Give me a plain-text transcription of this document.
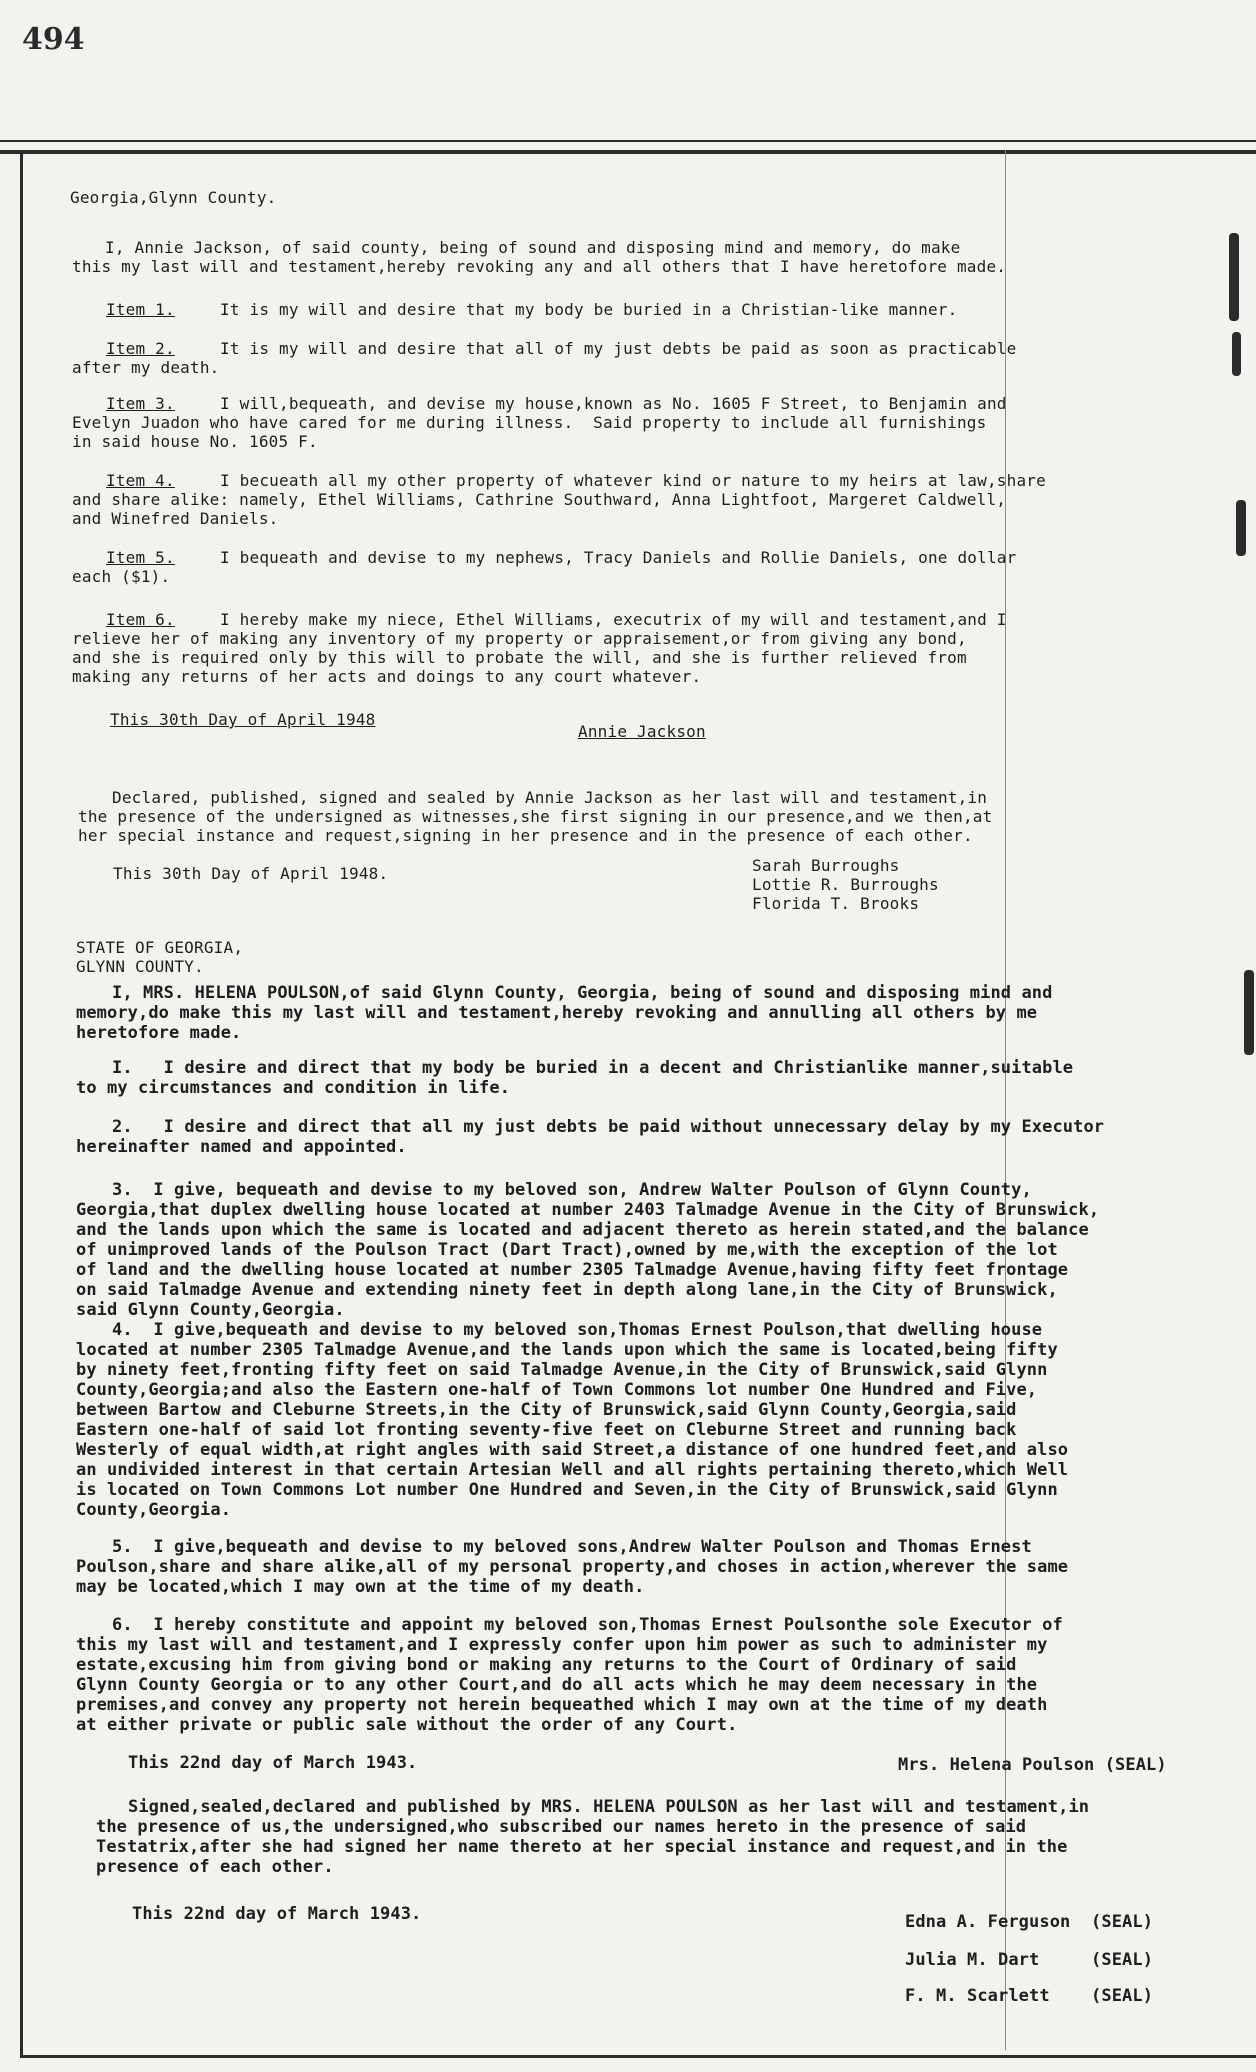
494
Georgia,Glynn County.
I, Annie Jackson, of said county, being of sound and disposing mind and memory, do make
this my last will and testament,hereby revoking any and all others that I have heretofore made.
Item 1.	It is my will and desire that my body be buried in a Christian-like manner.
Item 2.	It is my will and desire that all of my just debts be paid as soon as practicable
after my death.
Item 3.	I will,bequeath, and devise my house,known as No. 1605 F Street, to Benjamin and
Evelyn Juadon who have cared for me during illness.  Said property to include all furnishings
in said house No. 1605 F.
Item 4.	I becueath all my other property of whatever kind or nature to my heirs at law,share
and share alike: namely, Ethel Williams, Cathrine Southward, Anna Lightfoot, Margeret Caldwell,
and Winefred Daniels.
Item 5.	I bequeath and devise to my nephews, Tracy Daniels and Rollie Daniels, one dollar
each ($1).
Item 6.	I hereby make my niece, Ethel Williams, executrix of my will and testament,and I
relieve her of making any inventory of my property or appraisement,or from giving any bond,
and she is required only by this will to probate the will, and she is further relieved from
making any returns of her acts and doings to any court whatever.
This 30th Day of April 1948
Annie Jackson
Declared, published, signed and sealed by Annie Jackson as her last will and testament,in
the presence of the undersigned as witnesses,she first signing in our presence,and we then,at
her special instance and request,signing in her presence and in the presence of each other.
This 30th Day of April 1948.	Sarah Burroughs
Lottie R. Burroughs
Florida T. Brooks
STATE OF GEORGIA,
GLYNN COUNTY.
I, MRS. HELENA POULSON,of said Glynn County, Georgia, being of sound and disposing mind and
memory,do make this my last will and testament,hereby revoking and annulling all others by me
heretofore made.
I.   I desire and direct that my body be buried in a decent and Christianlike manner,suitable
to my circumstances and condition in life.
2.   I desire and direct that all my just debts be paid without unnecessary delay by my Executor
hereinafter named and appointed.
3.  I give, bequeath and devise to my beloved son, Andrew Walter Poulson of Glynn County,
Georgia,that duplex dwelling house located at number 2403 Talmadge Avenue in the City of Brunswick,
and the lands upon which the same is located and adjacent thereto as herein stated,and the balance
of unimproved lands of the Poulson Tract (Dart Tract),owned by me,with the exception of the lot
of land and the dwelling house located at number 2305 Talmadge Avenue,having fifty feet frontage
on said Talmadge Avenue and extending ninety feet in depth along lane,in the City of Brunswick,
said Glynn County,Georgia.
4.  I give,bequeath and devise to my beloved son,Thomas Ernest Poulson,that dwelling house
located at number 2305 Talmadge Avenue,and the lands upon which the same is located,being fifty
by ninety feet,fronting fifty feet on said Talmadge Avenue,in the City of Brunswick,said Glynn
County,Georgia;and also the Eastern one-half of Town Commons lot number One Hundred and Five,
between Bartow and Cleburne Streets,in the City of Brunswick,said Glynn County,Georgia,said
Eastern one-half of said lot fronting seventy-five feet on Cleburne Street and running back
Westerly of equal width,at right angles with said Street,a distance of one hundred feet,and also
an undivided interest in that certain Artesian Well and all rights pertaining thereto,which Well
is located on Town Commons Lot number One Hundred and Seven,in the City of Brunswick,said Glynn
County,Georgia.
5.  I give,bequeath and devise to my beloved sons,Andrew Walter Poulson and Thomas Ernest
Poulson,share and share alike,all of my personal property,and choses in action,wherever the same
may be located,which I may own at the time of my death.
6.  I hereby constitute and appoint my beloved son,Thomas Ernest Poulsonthe sole Executor of
this my last will and testament,and I expressly confer upon him power as such to administer my
estate,excusing him from giving bond or making any returns to the Court of Ordinary of said
Glynn County Georgia or to any other Court,and do all acts which he may deem necessary in the
premises,and convey any property not herein bequeathed which I may own at the time of my death
at either private or public sale without the order of any Court.
This 22nd day of March 1943.	Mrs. Helena Poulson (SEAL)
Signed,sealed,declared and published by MRS. HELENA POULSON as her last will and testament,in
the presence of us,the undersigned,who subscribed our names hereto in the presence of said
Testatrix,after she had signed her name thereto at her special instance and request,and in the
presence of each other.
This 22nd day of March 1943.	Edna A. Ferguson  (SEAL)
Julia M. Dart     (SEAL)
F. M. Scarlett    (SEAL)
